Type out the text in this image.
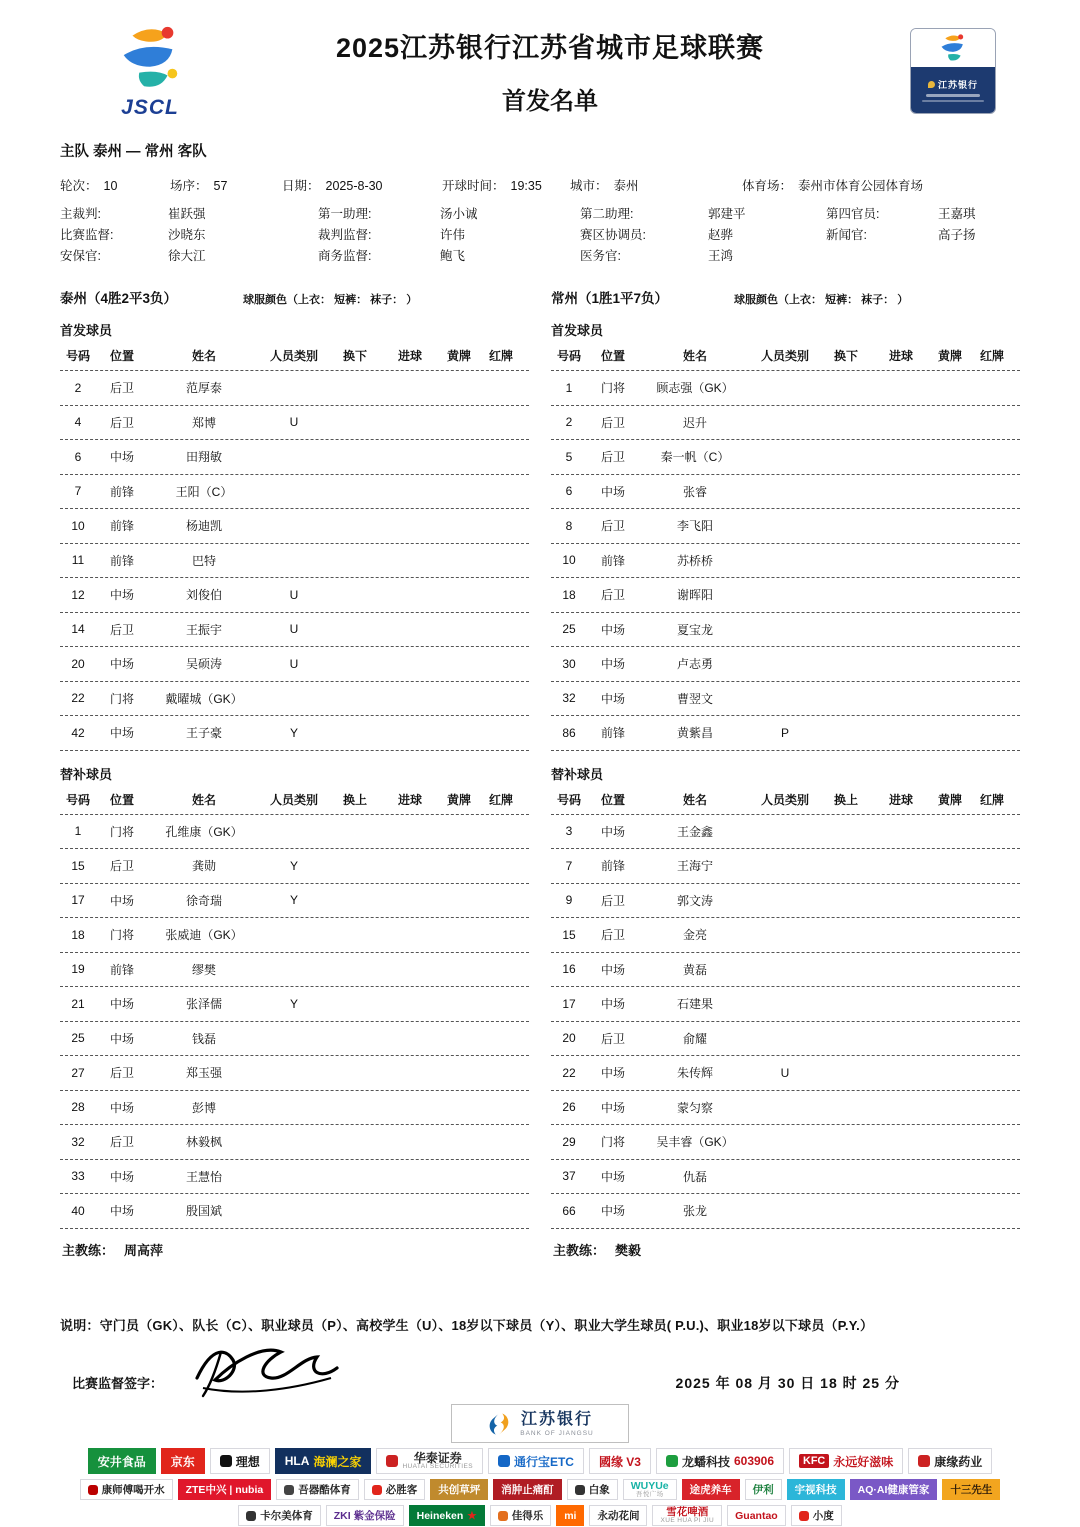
JSCL
2025江苏银行江苏省城市足球联赛
首发名单
江苏银行
主队 泰州 — 常州 客队
轮次： 10	场序： 57	日期： 2025-8-30	开球时间： 19:35	城市： 泰州	体育场： 泰州市体育公园体育场
主裁判:	崔跃强	第一助理:	汤小诚	第二助理:	郭建平	第四官员:	王嘉琪
比赛监督:	沙晓东	裁判监督:	许伟	赛区协调员:	赵骅	新闻官:	高子扬
安保官:	徐大江	商务监督:	鲍飞	医务官:	王鸿
泰州（4胜2平3负）	球服颜色（上衣： 短裤： 袜子： ）
首发球员
号码	位置	姓名	人员类别	换下	进球	黄牌	红牌
2	后卫	范厚泰
4	后卫	郑博	U
6	中场	田翔敏
7	前锋	王阳（C）
10	前锋	杨迪凯
11	前锋	巴特
12	中场	刘俊伯	U
14	后卫	王振宇	U
20	中场	吴硕涛	U
22	门将	戴曜城（GK）
42	中场	王子豪	Y
替补球员
号码	位置	姓名	人员类别	换上	进球	黄牌	红牌
1	门将	孔维康（GK）
15	后卫	龚勋	Y
17	中场	徐奇瑞	Y
18	门将	张威迪（GK）
19	前锋	缪樊
21	中场	张泽儒	Y
25	中场	钱磊
27	后卫	郑玉强
28	中场	彭博
32	后卫	林毅枫
33	中场	王慧怡
40	中场	殷国斌
主教练： 周高萍
常州（1胜1平7负）	球服颜色（上衣： 短裤： 袜子： ）
首发球员
号码	位置	姓名	人员类别	换下	进球	黄牌	红牌
1	门将	顾志强（GK）
2	后卫	迟升
5	后卫	秦一帆（C）
6	中场	张睿
8	后卫	李飞阳
10	前锋	苏桥桥
18	后卫	谢晖阳
25	中场	夏宝龙
30	中场	卢志勇
32	中场	曹翌文
86	前锋	黄紫昌	P
替补球员
号码	位置	姓名	人员类别	换上	进球	黄牌	红牌
3	中场	王金鑫
7	前锋	王海宁
9	后卫	郭文涛
15	后卫	金亮
16	中场	黄磊
17	中场	石建果
20	后卫	俞耀
22	中场	朱传辉	U
26	中场	蒙匀察
29	门将	吴丰睿（GK）
37	中场	仇磊
66	中场	张龙
主教练： 樊毅
说明：守门员（GK）、队长（C）、职业球员（P）、高校学生（U）、18岁以下球员（Y）、职业大学生球员( P.U.)、职业18岁以下球员（P.Y.）
比赛监督签字：	2025 年 08 月 30 日 18 时 25 分
江苏银行
BANK OF JIANGSU
安井食品 京东	理想 HLA 海澜之家	华泰证券
HUATAI SECURITIES	通行宝ETC 國缘 V3	龙蟠科技 603906	KFC 永远好滋味	康缘药业
康师傅喝开水 ZTE中兴 | nubia	吾器酷体育	必胜客 共创草坪 消肿止痛酊	白象 WUYUe
吾悦广场 途虎养车 伊利 宇视科技 AQ·AI健康管家 十三先生
卡尔美体育 ZKI 紫金保险 Heineken ★	佳得乐 mi 永动花间	雪花啤酒
XUE HUA PI JIU Guantao	小度
